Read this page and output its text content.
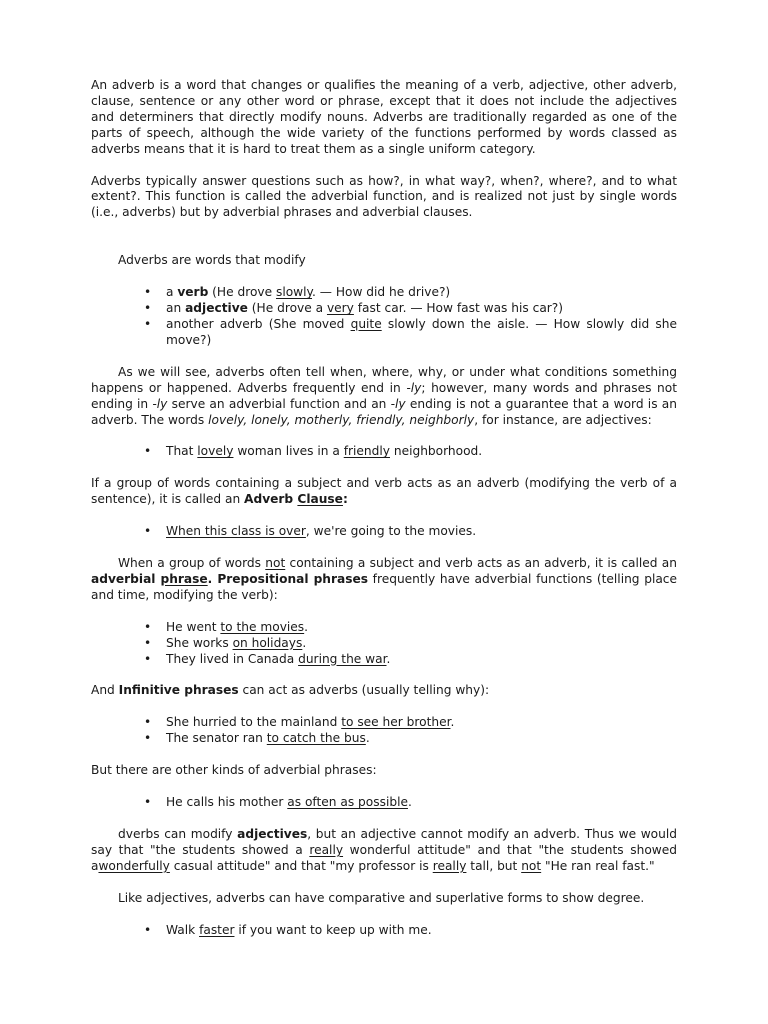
An adverb is a word that changes or qualifies the meaning of a verb, adjective, other adverb, clause, sentence or any other word or phrase, except that it does not include the adjectives and determiners that directly modify nouns. Adverbs are traditionally regarded as one of the parts of speech, although the wide variety of the functions performed by words classed as adverbs means that it is hard to treat them as a single uniform category.

Adverbs typically answer questions such as how?, in what way?, when?, where?, and to what extent?. This function is called the adverbial function, and is realized not just by single words (i.e., adverbs) but by adverbial phrases and adverbial clauses.

Adverbs are words that modify

• a verb (He drove slowly. — How did he drive?)
• an adjective (He drove a very fast car. — How fast was his car?)
• another adverb (She moved quite slowly down the aisle. — How slowly did she move?)

As we will see, adverbs often tell when, where, why, or under what conditions something happens or happened. Adverbs frequently end in -ly; however, many words and phrases not ending in -ly serve an adverbial function and an -ly ending is not a guarantee that a word is an adverb. The words lovely, lonely, motherly, friendly, neighborly, for instance, are adjectives:

• That lovely woman lives in a friendly neighborhood.

If a group of words containing a subject and verb acts as an adverb (modifying the verb of a sentence), it is called an Adverb Clause:

• When this class is over, we're going to the movies.

When a group of words not containing a subject and verb acts as an adverb, it is called an adverbial phrase. Prepositional phrases frequently have adverbial functions (telling place and time, modifying the verb):

• He went to the movies.
• She works on holidays.
• They lived in Canada during the war.

And Infinitive phrases can act as adverbs (usually telling why):

• She hurried to the mainland to see her brother.
• The senator ran to catch the bus.

But there are other kinds of adverbial phrases:

• He calls his mother as often as possible.

dverbs can modify adjectives, but an adjective cannot modify an adverb. Thus we would say that "the students showed a really wonderful attitude" and that "the students showed awonderfully casual attitude" and that "my professor is really tall, but not "He ran real fast."

Like adjectives, adverbs can have comparative and superlative forms to show degree.

• Walk faster if you want to keep up with me.
